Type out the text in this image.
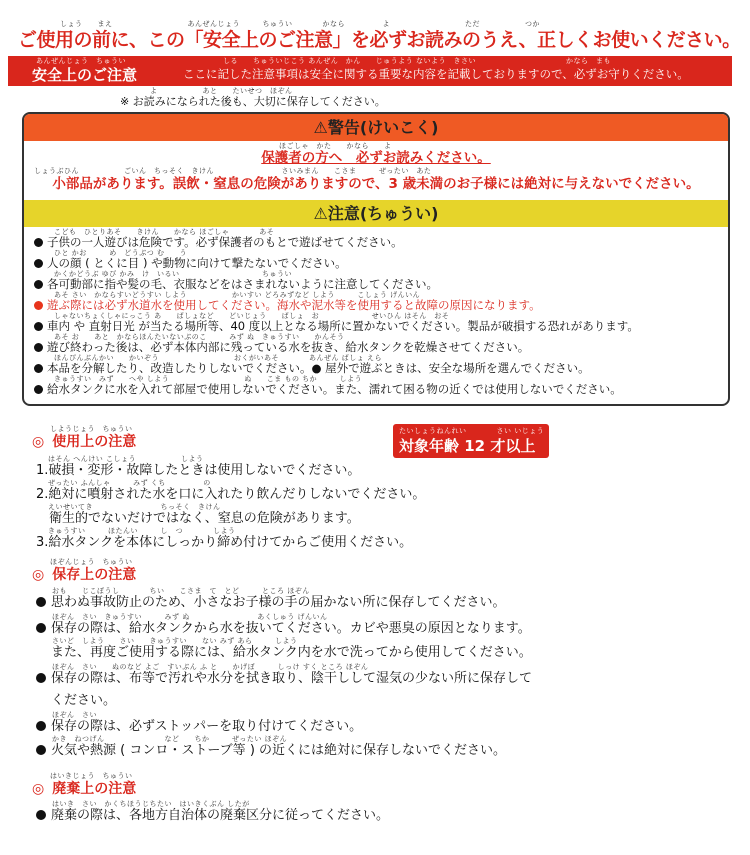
しょう　　まえ　　　　　　　　　　あんぜんじょう　　　ちゅうい　　　　かなら　　　　　よ　　　　　　　　　　ただ　　　　　　つか
ご使用の前に、この「安全上のご注意」を必ずお読みのうえ、正しくお使いください。
あんぜんじょう　ちゅうい
安全上のご注意
しる　　ちゅういじこう あんぜん　かん　　じゅうよう ないよう　きさい　　　　　　　　　　　　かなら　まも
ここに記した注意事項は安全に関する重要な内容を記載しておりますので、必ずお守りください。
よ　　　　　　あと　　たいせつ　ほぞん
※ お読みになられた後も、大切に保存してください。
⚠警告(けいこく)
ほごしゃ　かた　　かなら　　よ
保護者の方へ　必ずお読みください。
しょうぶひん　　　　　　ごいん　ちっそく　きけん　　　　　　　　　さいみまん　　こさま　　　ぜったい　あた
小部品があります。誤飲・窒息の危険がありますので、3 歳未満のお子様には絶対に与えないでください。
⚠注意(ちゅうい)
こども　ひとりあそ　　きけん　　かなら ほごしゃ　　　　あそ
子供の一人遊びは危険です。必ず保護者のもとで遊ばせてください。
ひと かお　　　め　どうぶつ む　　う
人の顔 ( とくに目 ) や動物に向けて撃たないでください。
かくかどうぶ ゆび かみ　け　いるい　　　　　　　　　　　ちゅうい
各可動部に指や髪の毛、衣服などをはさまれないように注意してください。
あそ さい　かならすいどうすい しよう　　　　　　かいすい どろみずなど しよう　　　こしょう げんいん
遊ぶ際には必ず水道水を使用してください。海水や泥水等を使用すると故障の原因になります。
しゃないちょくしゃにっこう あ　　ばしょなど　　どいじょう　　ばしょ　お　　　　　　　せいひん はそん　おそ
車内 や 直射日光 が当たる場所等、40 度以上となる場所に置かないでください。製品が破損する恐れがあります。
あそ お　　あと　かならほんたいないぶのこ　　　みず ぬ　きゅうすい　　かんそう
遊び終わった後は、必ず本体内部に残っている水を抜き、給水タンクを乾燥させてください。
ほんぴんぶんかい　　かいぞう　　　　　　　　　　おくがいあそ　　　　あんぜん ばしょ えら
本品を分解したり、改造したりしないでください。● 屋外で遊ぶときは、安全な場所を選んでください。
きゅうすい　みず　　へや しよう　　　　　　　　　　ぬ　　こま もの ちか　　　しよう
給水タンクに水を入れて部屋で使用しないでください。また、濡れて困る物の近くでは使用しないでください。
しようじょう　ちゅうい
◎ 使用上の注意
たいしょうねんれい　　　　さい いじょう
対象年齢 12 才以上
はそん へんけい こしょう　　　　　　しよう
1.破損・変形・故障したときは使用しないでください。
ぜったい ふんしゃ　　　みず くち　　　　　の
2.絶対に噴射された水を口に入れたり飲んだりしないでください。
えいせいてき　　　　　　　　　ちっそく　きけん
　衛生的でないだけではなく、窒息の危険があります。
きゅうすい　　　ほたんい　　　し　つ　　　　しよう
3.給水タンクを本体にしっかり締め付けてからご使用ください。
ほぞんじょう　ちゅうい
◎ 保存上の注意
おも　　じこぼうし　　　　ちい　　こさま　て　とど　　　ところ ほぞん
思わぬ事故防止のため、小さなお子様の手の届かない所に保存してください。
ほぞん　さい　きゅうすい　　　みず ぬ　　　　　　　　　あくしゅう げんいん
保存の際は、給水タンクから水を抜いてください。カビや悪臭の原因となります。
さいど　しよう　　さい　　きゅうすい　　ない みず あら　　　しよう
また、再度ご使用する際には、給水タンク内を水で洗ってから使用してください。
ほぞん　さい　　ぬのなど よご　すいぶん ふ と　　かげぼ　　　しっけ すく ところ ほぞん
保存の際は、布等で汚れや水分を拭き取り、陰干しして湿気の少ない所に保存して
ください。
ほぞん　さい
保存の際は、必ずストッパーを取り付けてください。
かき　ねつげん　　　　　　　　など　　ちか　　　ぜったい ほぞん
火気や熱源 ( コンロ・ストーブ等 ) の近くには絶対に保存しないでください。
はいきじょう　ちゅうい
◎ 廃棄上の注意
はいき　さい　かくちほうじちたい　はいきくぶん したが
廃棄の際は、各地方自治体の廃棄区分に従ってください。
